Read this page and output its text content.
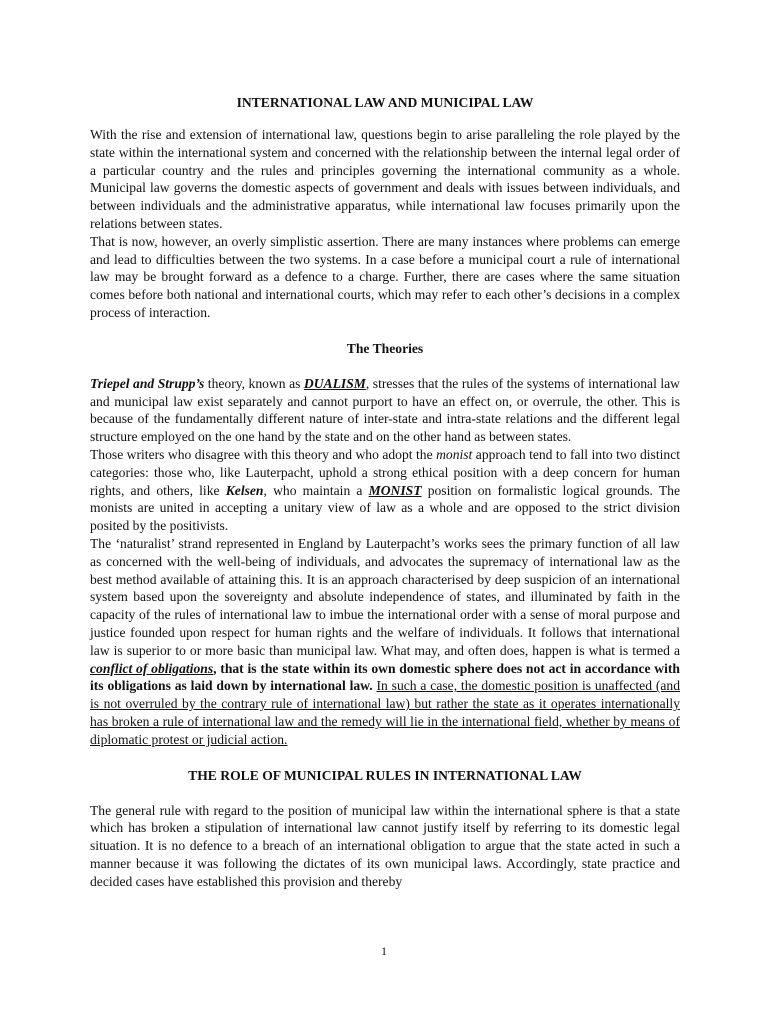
INTERNATIONAL LAW AND MUNICIPAL LAW

With the rise and extension of international law, questions begin to arise paralleling the role played by the state within the international system and concerned with the relationship between the internal legal order of a particular country and the rules and principles governing the international community as a whole. Municipal law governs the domestic aspects of government and deals with issues between individuals, and between individuals and the administrative apparatus, while international law focuses primarily upon the relations between states.

That is now, however, an overly simplistic assertion. There are many instances where problems can emerge and lead to difficulties between the two systems. In a case before a municipal court a rule of international law may be brought forward as a defence to a charge. Further, there are cases where the same situation comes before both national and international courts, which may refer to each other’s decisions in a complex process of interaction.

The Theories

Triepel and Strupp’s theory, known as DUALISM, stresses that the rules of the systems of international law and municipal law exist separately and cannot purport to have an effect on, or overrule, the other. This is because of the fundamentally different nature of inter-state and intra-state relations and the different legal structure employed on the one hand by the state and on the other hand as between states.

Those writers who disagree with this theory and who adopt the monist approach tend to fall into two distinct categories: those who, like Lauterpacht, uphold a strong ethical position with a deep concern for human rights, and others, like Kelsen, who maintain a MONIST position on formalistic logical grounds. The monists are united in accepting a unitary view of law as a whole and are opposed to the strict division posited by the positivists.

The ‘naturalist’ strand represented in England by Lauterpacht’s works sees the primary function of all law as concerned with the well-being of individuals, and advocates the supremacy of international law as the best method available of attaining this. It is an approach characterised by deep suspicion of an international system based upon the sovereignty and absolute independence of states, and illuminated by faith in the capacity of the rules of international law to imbue the international order with a sense of moral purpose and justice founded upon respect for human rights and the welfare of individuals. It follows that international law is superior to or more basic than municipal law. What may, and often does, happen is what is termed a conflict of obligations, that is the state within its own domestic sphere does not act in accordance with its obligations as laid down by international law. In such a case, the domestic position is unaffected (and is not overruled by the contrary rule of international law) but rather the state as it operates internationally has broken a rule of international law and the remedy will lie in the international field, whether by means of diplomatic protest or judicial action.

THE ROLE OF MUNICIPAL RULES IN INTERNATIONAL LAW

The general rule with regard to the position of municipal law within the international sphere is that a state which has broken a stipulation of international law cannot justify itself by referring to its domestic legal situation. It is no defence to a breach of an international obligation to argue that the state acted in such a manner because it was following the dictates of its own municipal laws. Accordingly, state practice and decided cases have established this provision and thereby

1
